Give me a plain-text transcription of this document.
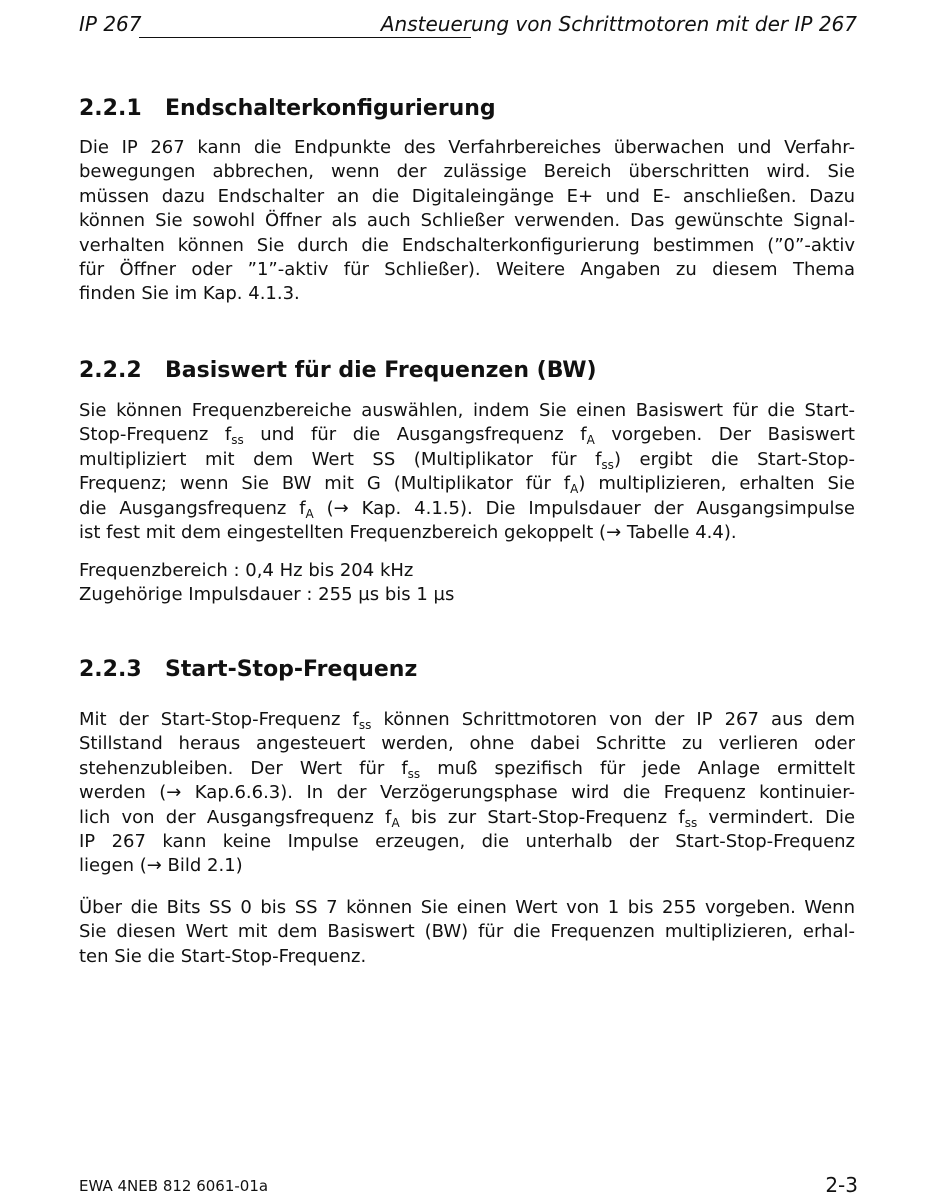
IP 267	Ansteuerung von Schrittmotoren mit der IP 267
2.2.1 Endschalterkonfigurierung
Die IP 267 kann die Endpunkte des Verfahrbereiches überwachen und Verfahr-
bewegungen abbrechen, wenn der zulässige Bereich überschritten wird. Sie
müssen dazu Endschalter an die Digitaleingänge E+ und E- anschließen. Dazu
können Sie sowohl Öffner als auch Schließer verwenden. Das gewünschte Signal-
verhalten können Sie durch die Endschalterkonfigurierung bestimmen (”0”-aktiv
für Öffner oder ”1”-aktiv für Schließer). Weitere Angaben zu diesem Thema
finden Sie im Kap. 4.1.3.
2.2.2 Basiswert für die Frequenzen (BW)
Sie können Frequenzbereiche auswählen, indem Sie einen Basiswert für die Start-
Stop-Frequenz $f_{ss}$ und für die Ausgangsfrequenz $f_A$ vorgeben. Der Basiswert
multipliziert mit dem Wert SS (Multiplikator für $f_{ss}$) ergibt die Start-Stop-
Frequenz; wenn Sie BW mit G (Multiplikator für $f_A$) multiplizieren, erhalten Sie
die Ausgangsfrequenz $f_A$ (→ Kap. 4.1.5). Die Impulsdauer der Ausgangsimpulse
ist fest mit dem eingestellten Frequenzbereich gekoppelt (→ Tabelle 4.4).
Frequenzbereich : 0,4 Hz bis 204 kHz
Zugehörige Impulsdauer : 255 µs bis 1 µs
2.2.3 Start-Stop-Frequenz
Mit der Start-Stop-Frequenz $f_{ss}$ können Schrittmotoren von der IP 267 aus dem
Stillstand heraus angesteuert werden, ohne dabei Schritte zu verlieren oder
stehenzubleiben. Der Wert für $f_{ss}$ muß spezifisch für jede Anlage ermittelt
werden (→ Kap.6.6.3). In der Verzögerungsphase wird die Frequenz kontinuier-
lich von der Ausgangsfrequenz $f_A$ bis zur Start-Stop-Frequenz $f_{ss}$ vermindert. Die
IP 267 kann keine Impulse erzeugen, die unterhalb der Start-Stop-Frequenz
liegen (→ Bild 2.1)
Über die Bits SS 0 bis SS 7 können Sie einen Wert von 1 bis 255 vorgeben. Wenn
Sie diesen Wert mit dem Basiswert (BW) für die Frequenzen multiplizieren, erhal-
ten Sie die Start-Stop-Frequenz.
EWA 4NEB 812 6061-01a	2-3
